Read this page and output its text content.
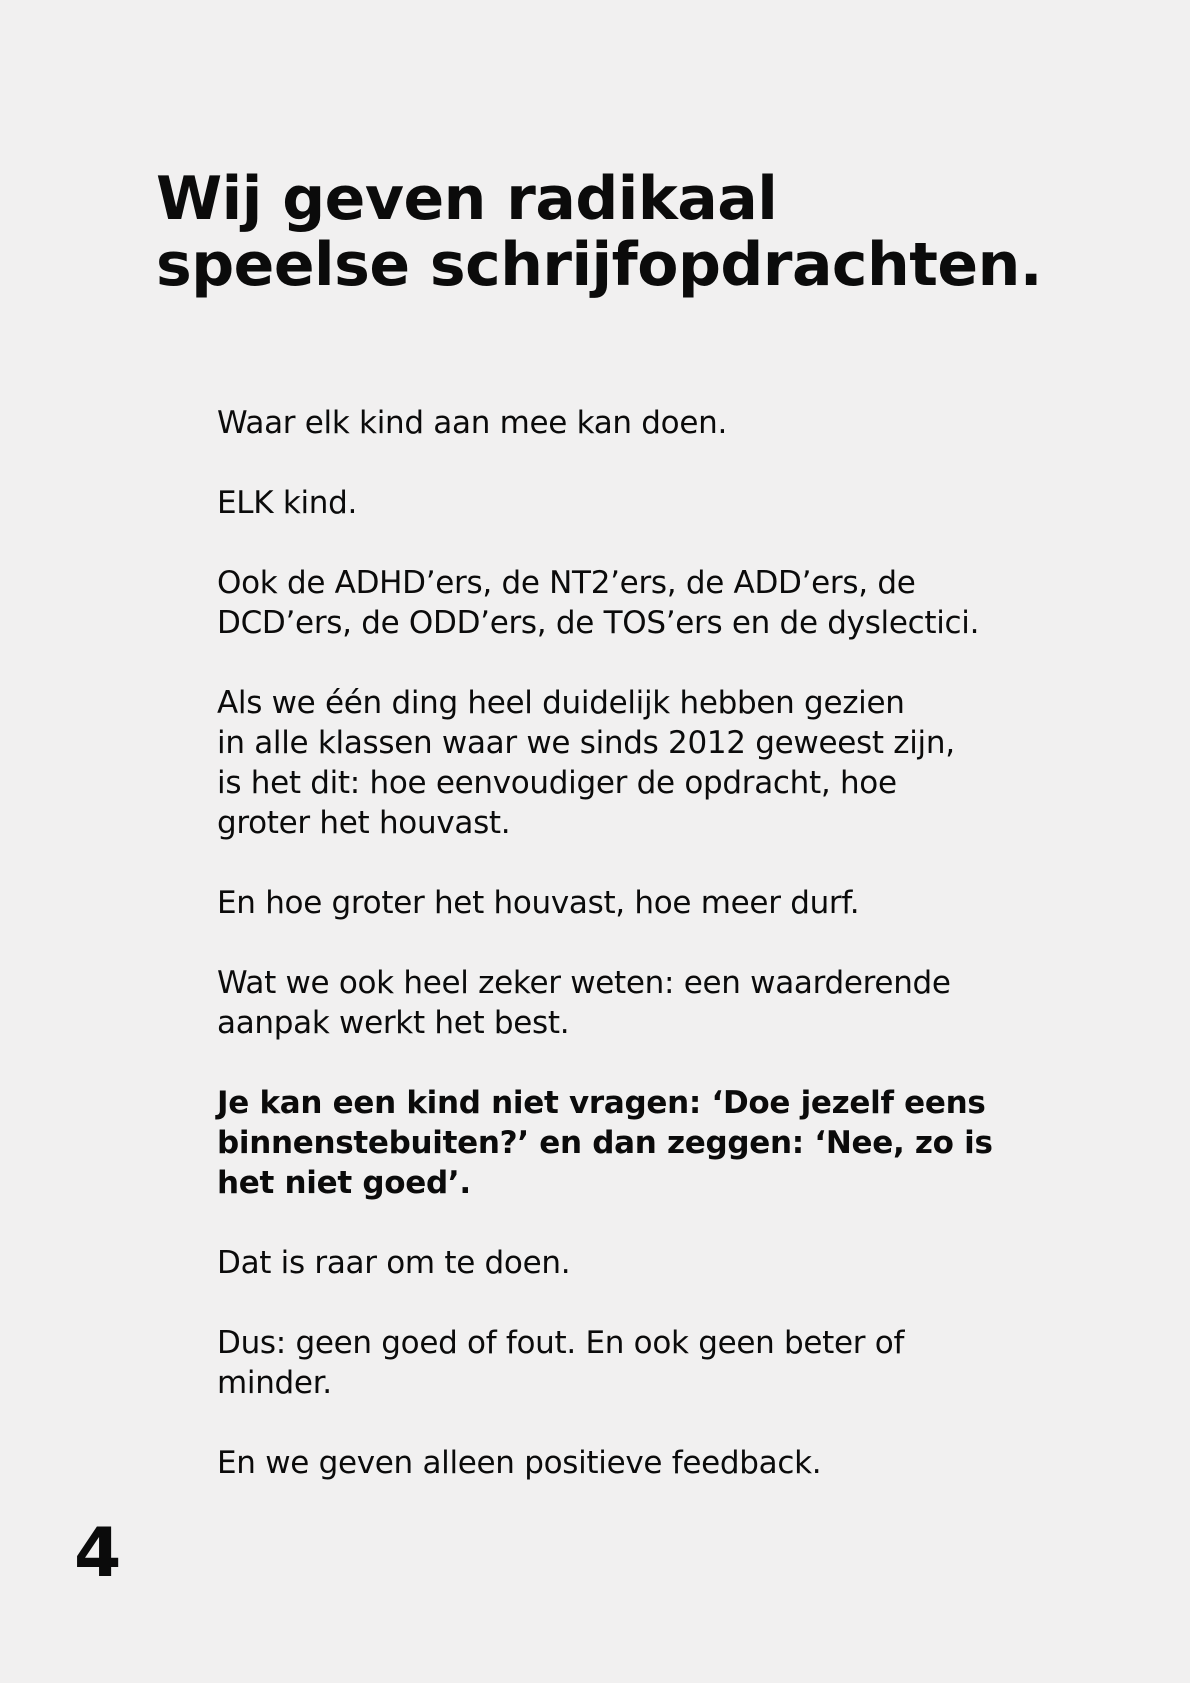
Wij geven radikaal
speelse schrijfopdrachten.

Waar elk kind aan mee kan doen.

ELK kind.

Ook de ADHD’ers, de NT2’ers, de ADD’ers, de
DCD’ers, de ODD’ers, de TOS’ers en de dyslectici.

Als we één ding heel duidelijk hebben gezien
in alle klassen waar we sinds 2012 geweest zijn,
is het dit: hoe eenvoudiger de opdracht, hoe
groter het houvast.

En hoe groter het houvast, hoe meer durf.

Wat we ook heel zeker weten: een waarderende
aanpak werkt het best.

Je kan een kind niet vragen: ‘Doe jezelf eens
binnenstebuiten?’ en dan zeggen: ‘Nee, zo is
het niet goed’.

Dat is raar om te doen.

Dus: geen goed of fout. En ook geen beter of
minder.

En we geven alleen positieve feedback.

4
